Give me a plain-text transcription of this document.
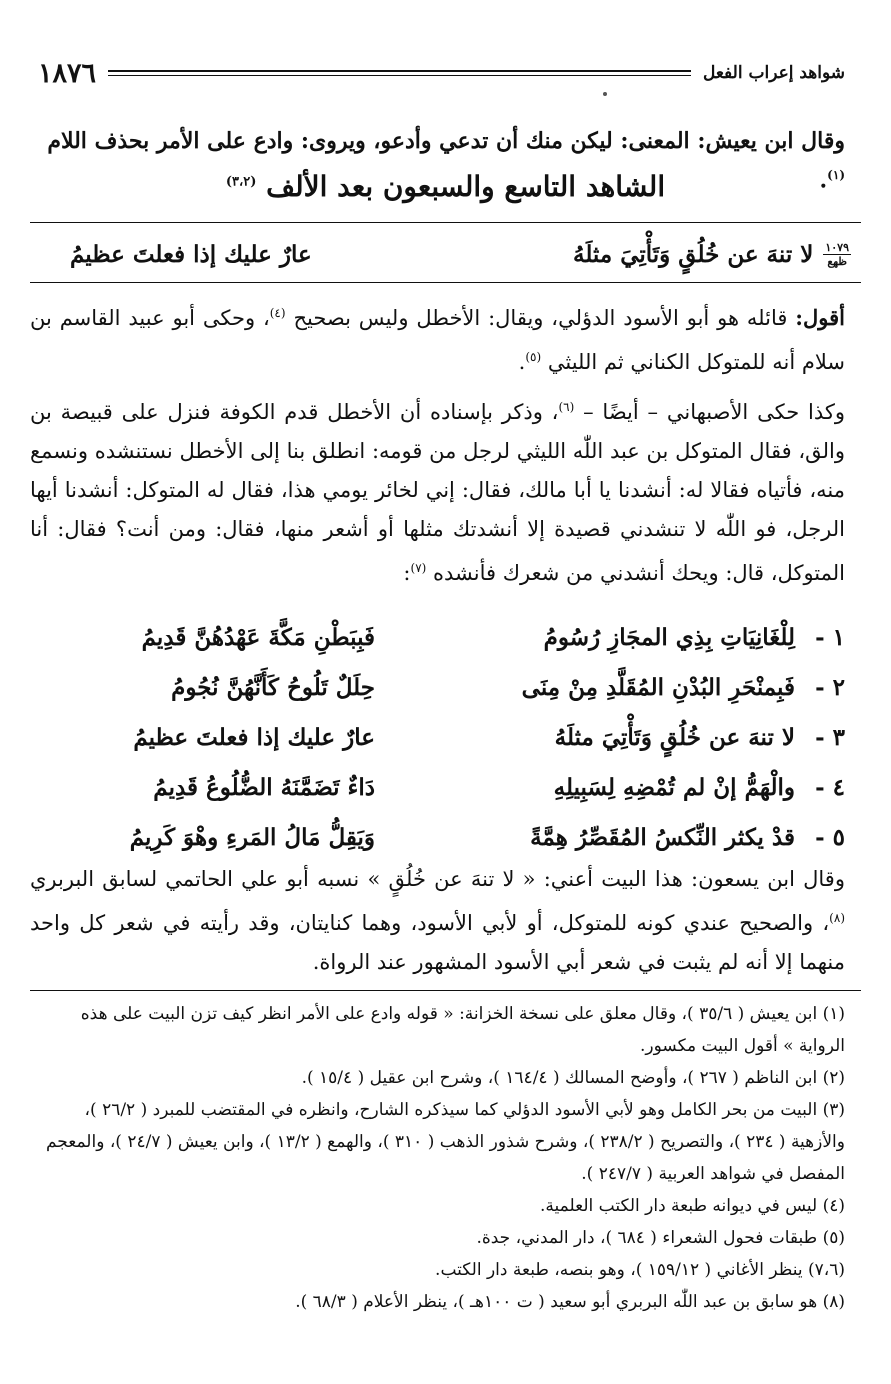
شواهد إعراب الفعل
١٨٧٦
وقال ابن يعيش: المعنى: ليكن منك أن تدعي وأدعو، ويروى: وادع على الأمر بحذف اللام $^{(١)}$.
الشاهد التاسع والسبعون بعد الألف $^{(٣،٢)}$
١٠٧٩
ظهع
لا تنهَ عن خُلُقٍ وَتَأْتِيَ مثلَهُ
عارٌ عليك إذا فعلتَ عظيمُ

أقول: قائله هو أبو الأسود الدؤلي، ويقال: الأخطل وليس بصحيح $^{(٤)}$، وحكى أبو عبيد القاسم بن سلام أنه للمتوكل الكناني ثم الليثي $^{(٥)}$.

وكذا حكى الأصبهاني – أيضًا – $^{(٦)}$، وذكر بإسناده أن الأخطل قدم الكوفة فنزل على قبيصة بن والق، فقال المتوكل بن عبد اللّٰه الليثي لرجل من قومه: انطلق بنا إلى الأخطل نستنشده ونسمع منه، فأتياه فقالا له: أنشدنا يا أبا مالك، فقال: إني لخائر يومي هذا، فقال له المتوكل: أنشدنا أيها الرجل، فو اللّٰه لا تنشدني قصيدة إلا أنشدتك مثلها أو أشعر منها، فقال: ومن أنت؟ فقال: أنا المتوكل، قال: ويحك أنشدني من شعرك فأنشده $^{(٧)}$:

١ -
لِلْغَانِيَاتِ بِذِي المجَازِ رُسُومُ
فَبِبَطْنِ مَكَّةَ عَهْدُهُنَّ قَدِيمُ
٢ -
فَبِمنْحَرِ البُدْنِ المُقَلَّدِ مِنْ مِنَى
حِلَلٌ تَلُوحُ كَأَنَّهُنَّ نُجُومُ
٣ -
لا تنهَ عن خُلُقٍ وَتَأْتِيَ مثلَهُ
عارٌ عليك إذا فعلتَ عظيمُ
٤ -
والْهَمُّ إنْ لم تُمْضِهِ لِسَبِيلِهِ
دَاءٌ تَضَمَّنَهُ الضُّلُوعُ قَدِيمُ
٥ -
قدْ يكثر النِّكسُ المُقَصِّرُ هِمَّةً
وَيَقِلُّ مَالُ المَرءِ وهْوَ كَرِيمُ
وقال ابن يسعون: هذا البيت أعني: « لا تنهَ عن خُلُقٍ » نسبه أبو علي الحاتمي لسابق البربري $^{(٨)}$، والصحيح عندي كونه للمتوكل، أو لأبي الأسود، وهما كنايتان، وقد رأيته في شعر كل واحد منهما إلا أنه لم يثبت في شعر أبي الأسود المشهور عند الرواة.

(١) ابن يعيش ( ٣٥/٦ )، وقال معلق على نسخة الخزانة: « قوله وادع على الأمر انظر كيف تزن البيت على هذه الرواية » أقول البيت مكسور.

(٢) ابن الناظم ( ٢٦٧ )، وأوضح المسالك ( ١٦٤/٤ )، وشرح ابن عقيل ( ١٥/٤ ).

(٣) البيت من بحر الكامل وهو لأبي الأسود الدؤلي كما سيذكره الشارح، وانظره في المقتضب للمبرد ( ٢٦/٢ )، والأزهية ( ٢٣٤ )، والتصريح ( ٢٣٨/٢ )، وشرح شذور الذهب ( ٣١٠ )، والهمع ( ١٣/٢ )، وابن يعيش ( ٢٤/٧ )، والمعجم المفصل في شواهد العربية ( ٢٤٧/٧ ).

(٤) ليس في ديوانه طبعة دار الكتب العلمية.

(٥) طبقات فحول الشعراء ( ٦٨٤ )، دار المدني، جدة.

(٧،٦) ينظر الأغاني ( ١٥٩/١٢ )، وهو بنصه، طبعة دار الكتب.

(٨) هو سابق بن عبد اللّٰه البربري أبو سعيد ( ت ١٠٠هـ )، ينظر الأعلام ( ٦٨/٣ ).
